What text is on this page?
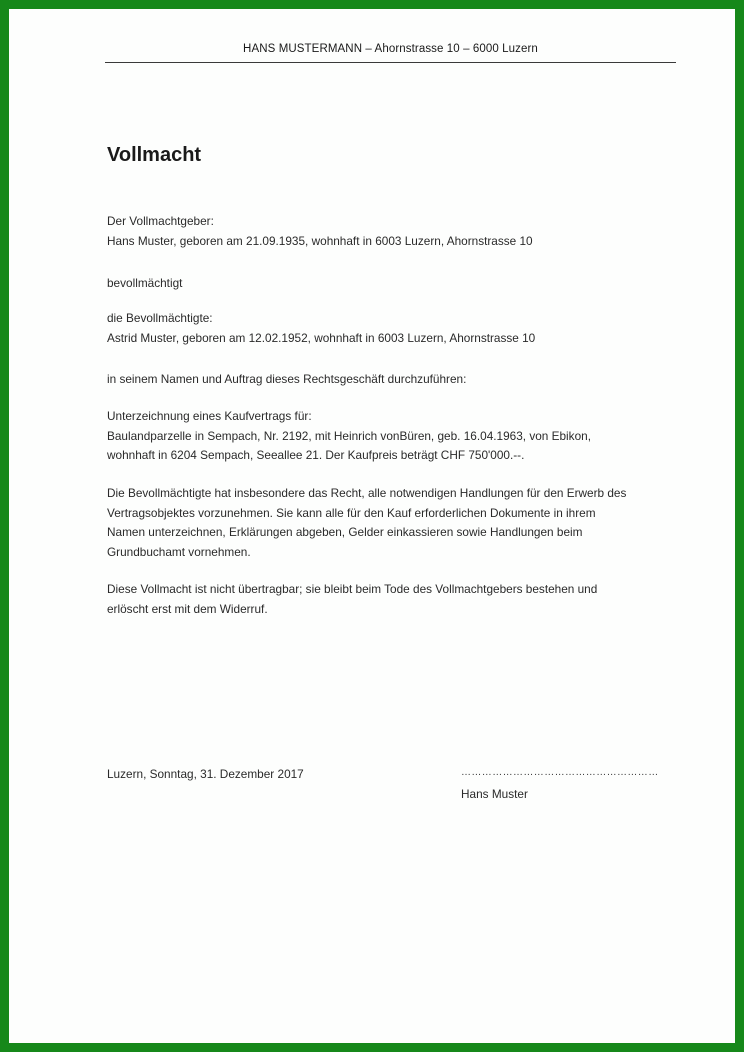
HANS MUSTERMANN – Ahornstrasse 10 – 6000 Luzern
Vollmacht

Der Vollmachtgeber:

Hans Muster, geboren am 21.09.1935, wohnhaft in 6003 Luzern, Ahornstrasse 10

bevollmächtigt

die Bevollmächtigte:

Astrid Muster, geboren am 12.02.1952, wohnhaft in 6003 Luzern, Ahornstrasse 10

in seinem Namen und Auftrag dieses Rechtsgeschäft durchzuführen:

Unterzeichnung eines Kaufvertrags für:

Baulandparzelle in Sempach, Nr. 2192, mit Heinrich vonBüren, geb. 16.04.1963, von Ebikon,

wohnhaft in 6204 Sempach, Seeallee 21. Der Kaufpreis beträgt CHF 750'000.--.

Die Bevollmächtigte hat insbesondere das Recht, alle notwendigen Handlungen für den Erwerb des

Vertragsobjektes vorzunehmen. Sie kann alle für den Kauf erforderlichen Dokumente in ihrem

Namen unterzeichnen, Erklärungen abgeben, Gelder einkassieren sowie Handlungen beim

Grundbuchamt vornehmen.

Diese Vollmacht ist nicht übertragbar; sie bleibt beim Tode des Vollmachtgebers bestehen und

erlöscht erst mit dem Widerruf.

Luzern, Sonntag, 31. Dezember 2017	…………………………………………………
Hans Muster
